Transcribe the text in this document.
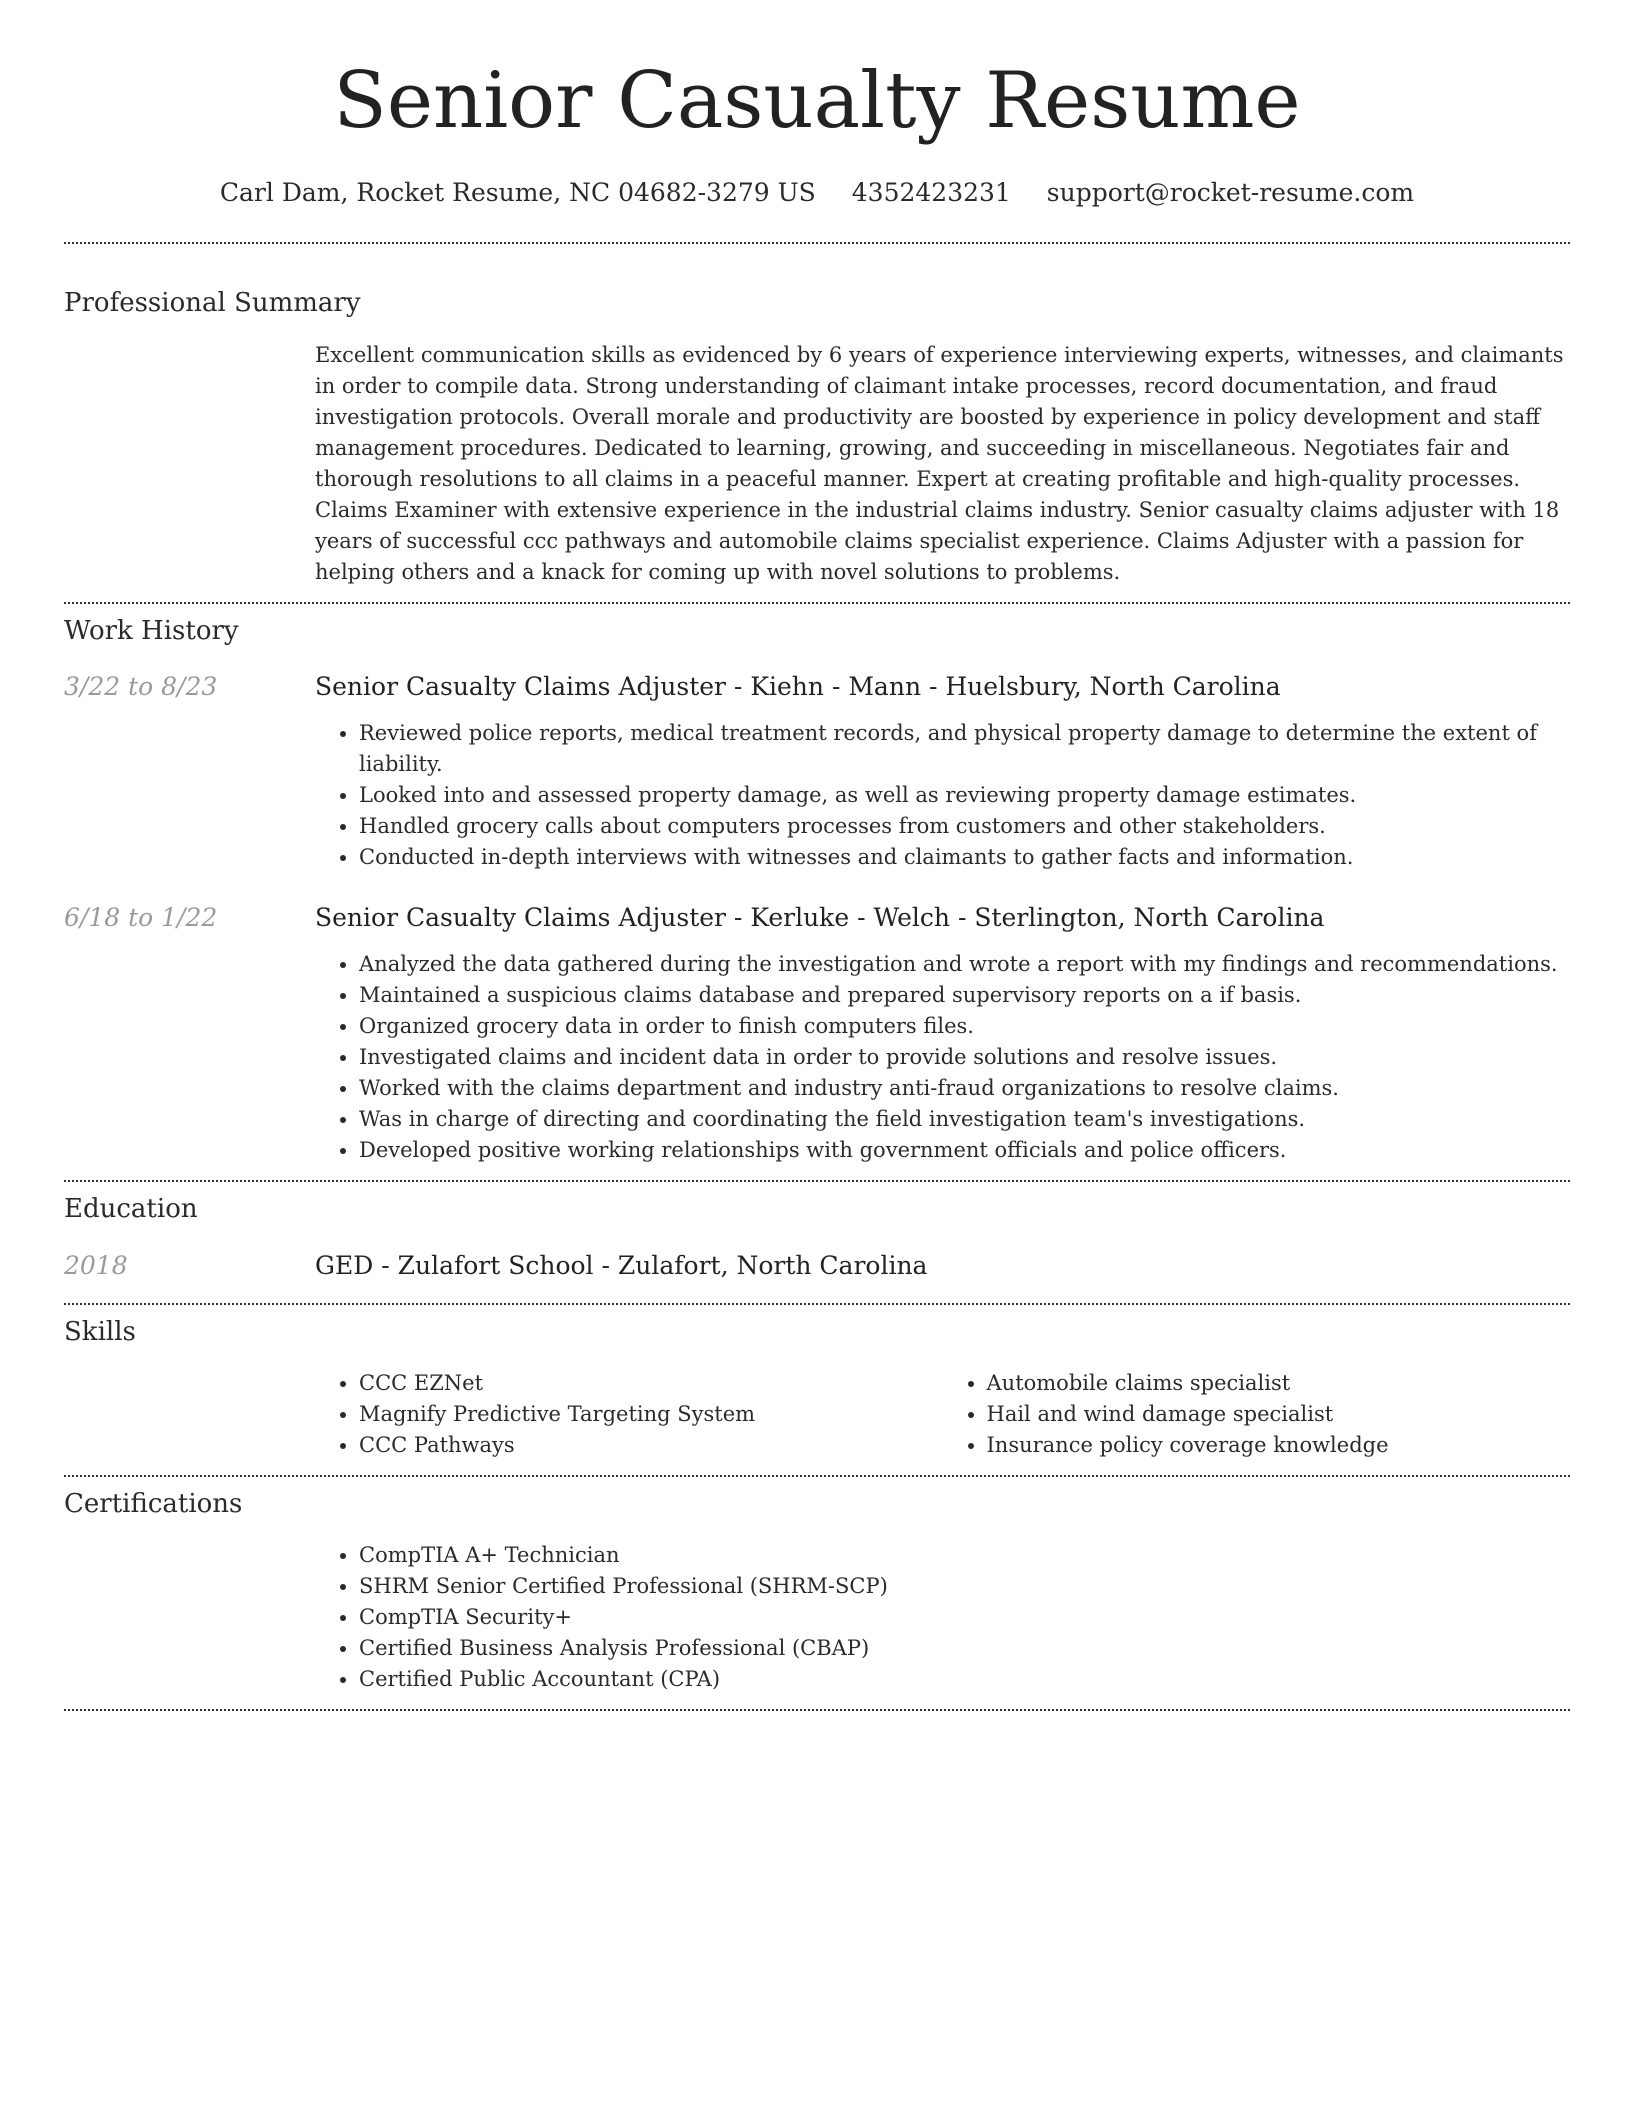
Senior Casualty Resume
Carl Dam, Rocket Resume, NC 04682-3279 US 4352423231 support@rocket-resume.com
Professional Summary

Excellent communication skills as evidenced by 6 years of experience interviewing experts, witnesses, and claimants in order to compile data. Strong understanding of claimant intake processes, record documentation, and fraud investigation protocols. Overall morale and productivity are boosted by experience in policy development and staff management procedures. Dedicated to learning, growing, and succeeding in miscellaneous. Negotiates fair and thorough resolutions to all claims in a peaceful manner. Expert at creating profitable and high-quality processes. Claims Examiner with extensive experience in the industrial claims industry. Senior casualty claims adjuster with 18 years of successful ccc pathways and automobile claims specialist experience. Claims Adjuster with a passion for helping others and a knack for coming up with novel solutions to problems.

Work History
3/22 to 8/23	Senior Casualty Claims Adjuster - Kiehn - Mann - Huelsbury, North Carolina
• Reviewed police reports, medical treatment records, and physical property damage to determine the extent of liability.
• Looked into and assessed property damage, as well as reviewing property damage estimates.
• Handled grocery calls about computers processes from customers and other stakeholders.
• Conducted in-depth interviews with witnesses and claimants to gather facts and information.
6/18 to 1/22	Senior Casualty Claims Adjuster - Kerluke - Welch - Sterlington, North Carolina
• Analyzed the data gathered during the investigation and wrote a report with my findings and recommendations.
• Maintained a suspicious claims database and prepared supervisory reports on a if basis.
• Organized grocery data in order to finish computers files.
• Investigated claims and incident data in order to provide solutions and resolve issues.
• Worked with the claims department and industry anti-fraud organizations to resolve claims.
• Was in charge of directing and coordinating the field investigation team's investigations.
• Developed positive working relationships with government officials and police officers.
Education
2018	GED - Zulafort School - Zulafort, North Carolina
Skills
• CCC EZNet
• Magnify Predictive Targeting System
• CCC Pathways
• Automobile claims specialist
• Hail and wind damage specialist
• Insurance policy coverage knowledge
Certifications
• CompTIA A+ Technician
• SHRM Senior Certified Professional (SHRM-SCP)
• CompTIA Security+
• Certified Business Analysis Professional (CBAP)
• Certified Public Accountant (CPA)
